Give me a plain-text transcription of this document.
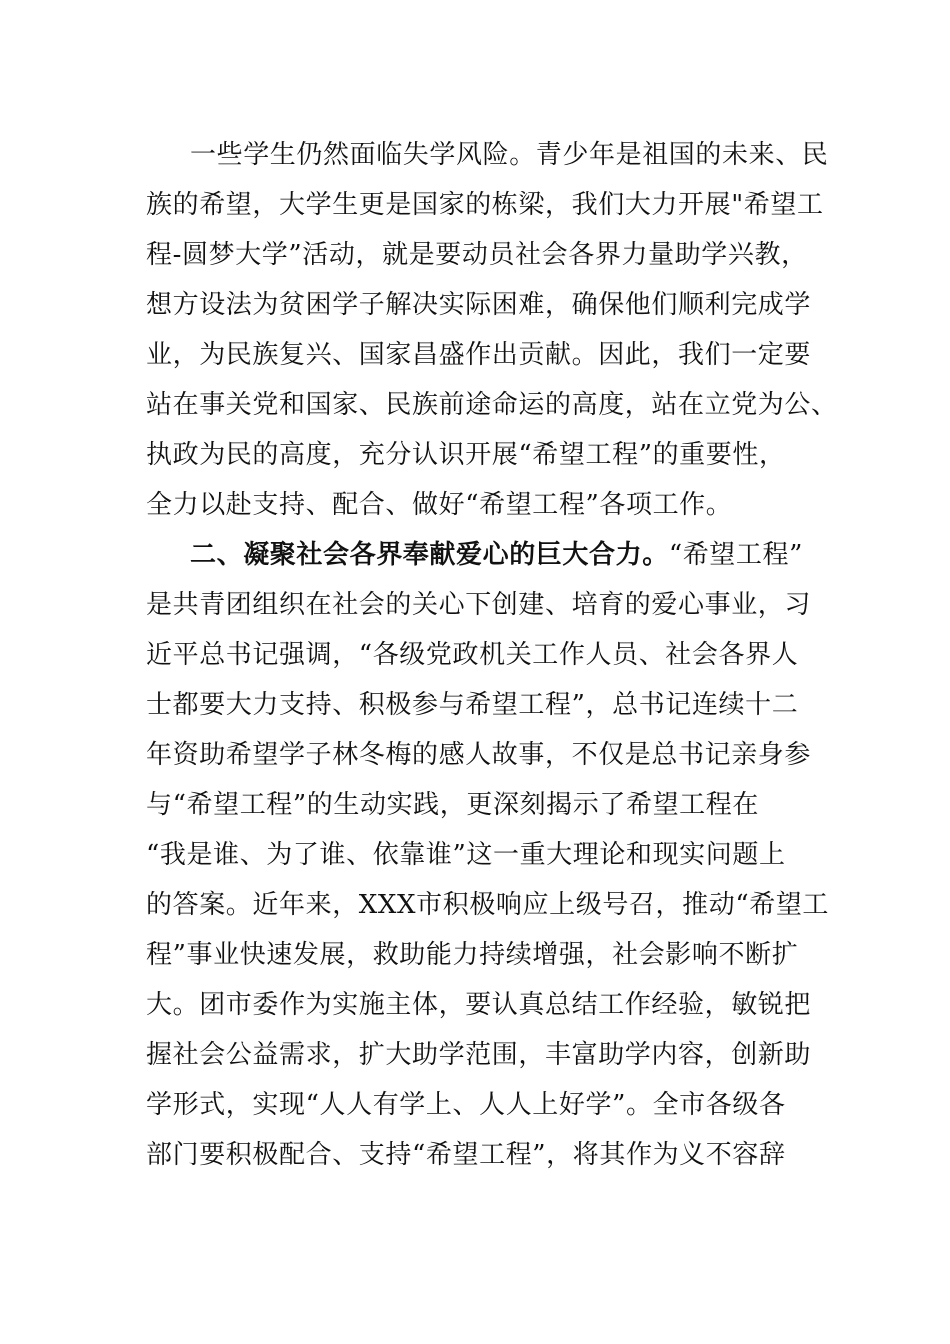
一些学生仍然面临失学风险。青少年是祖国的未来、民
族的希望，大学生更是国家的栋梁，我们大力开展"希望工
程-圆梦大学”活动，就是要动员社会各界力量助学兴教，
想方设法为贫困学子解决实际困难，确保他们顺利完成学
业，为民族复兴、国家昌盛作出贡献。因此，我们一定要
站在事关党和国家、民族前途命运的高度，站在立党为公、
执政为民的高度，充分认识开展“希望工程”的重要性，
全力以赴支持、配合、做好“希望工程”各项工作。
二、凝聚社会各界奉献爱心的巨大合力。“希望工程”
是共青团组织在社会的关心下创建、培育的爱心事业，习
近平总书记强调，“各级党政机关工作人员、社会各界人
士都要大力支持、积极参与希望工程”，总书记连续十二
年资助希望学子林冬梅的感人故事，不仅是总书记亲身参
与“希望工程”的生动实践，更深刻揭示了希望工程在
“我是谁、为了谁、依靠谁”这一重大理论和现实问题上
的答案。近年来，XXX市积极响应上级号召，推动“希望工
程”事业快速发展，救助能力持续增强，社会影响不断扩
大。团市委作为实施主体，要认真总结工作经验，敏锐把
握社会公益需求，扩大助学范围，丰富助学内容，创新助
学形式，实现“人人有学上、人人上好学”。全市各级各
部门要积极配合、支持“希望工程”，将其作为义不容辞
